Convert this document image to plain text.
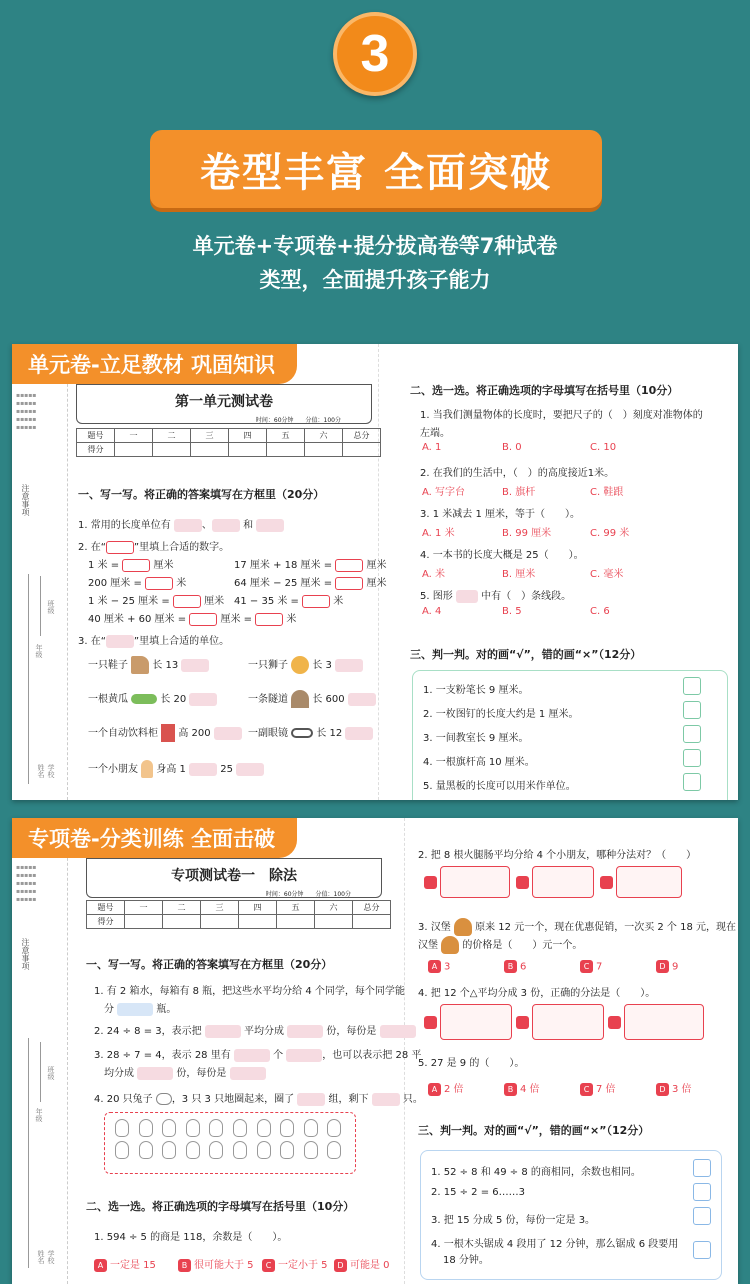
3
卷型丰富 全面突破
单元卷+专项卷+提分拔高卷等7种试卷
类型，全面提升孩子能力
单元卷-立足教材 巩固知识
注意事项
▪▪▪▪▪
▪▪▪▪▪
▪▪▪▪▪
▪▪▪▪▪
▪▪▪▪▪
年级
班级
学校
姓名
第一单元测试卷
时间：60分钟　　分值：100分
题号	一	二	三	四	五	六	总分
得分							
一、写一写。将正确的答案填写在方框里（20分）
1. 常用的长度单位有	、	和
2. 在“	”里填上合适的数字。
1 米 =	厘米	17 厘米 + 18 厘米 =	厘米
200 厘米 =	米	64 厘米 − 25 厘米 =	厘米
1 米 − 25 厘米 =	厘米 41 − 35 米 =	米
40 厘米 + 60 厘米 =	厘米 =	米
3. 在“	”里填上合适的单位。
一只鞋子 长 13	一只狮子 长 3
一根黄瓜	长 20	一条隧道 长 600
一个自动饮料柜 高 200	一副眼镜	长 12
一个小朋友 身高 1	25
二、选一选。将正确选项的字母填写在括号里（10分）
1. 当我们测量物体的长度时，要把尺子的（　）刻度对准物体的
左端。
A. 1	B. 0	C. 10
2. 在我们的生活中，（　）的高度接近1米。
A. 写字台	B. 旗杆	C. 鞋跟
3. 1 米减去 1 厘米，等于（　　）。
A. 1 米	B. 99 厘米	C. 99 米
4. 一本书的长度大概是 25（　　）。
A. 米	B. 厘米	C. 毫米
5. 图形	中有（　）条线段。
A. 4	B. 5	C. 6
三、判一判。对的画“√”，错的画“×”（12分）
1. 一支粉笔长 9 厘米。
2. 一枚图钉的长度大约是 1 厘米。
3. 一间教室长 9 厘米。
4. 一根旗杆高 10 厘米。
5. 量黑板的长度可以用米作单位。
专项卷-分类训练 全面击破
注意事项
▪▪▪▪▪
▪▪▪▪▪
▪▪▪▪▪
▪▪▪▪▪
▪▪▪▪▪
年级
班级
学校
姓名
专项测试卷一　除法
时间：60分钟　　分值：100分
题号	一	二	三	四	五	六	总分
得分							
一、写一写。将正确的答案填写在方框里（20分）
1. 有 2 箱水，每箱有 8 瓶，把这些水平均分给 4 个同学，每个同学能
分	瓶。
2. 24 ÷ 8 = 3，表示把	平均分成	份，每份是
3. 28 ÷ 7 = 4，表示 28 里有	个	，也可以表示把 28 平
均分成	份，每份是
4. 20 只兔子 ，3 只 3 只地圈起来，圈了	组，剩下	只。
二、选一选。将正确选项的字母填写在括号里（10分）
1. 594 ÷ 5 的商是 118，余数是（　　）。
A 一定是 15	B 很可能大于 5	C 一定小于 5	D 可能是 0
2. 把 8 根火腿肠平均分给 4 个小朋友，哪种分法对？（　　）
3. 汉堡 原来 12 元一个，现在优惠促销，一次买 2 个 18 元，现在
汉堡 的价格是（　　）元一个。
A 3	B 6	C 7	D 9
4. 把 12 个△平均分成 3 份，正确的分法是（　　）。
5. 27 是 9 的（　　）。
A 2 倍	B 4 倍	C 7 倍	D 3 倍
三、判一判。对的画“√”，错的画“×”（12分）
1. 52 ÷ 8 和 49 ÷ 8 的商相同，余数也相同。
2. 15 ÷ 2 = 6……3
3. 把 15 分成 5 份，每份一定是 3。
4. 一根木头锯成 4 段用了 12 分钟，那么锯成 6 段要用
18 分钟。
